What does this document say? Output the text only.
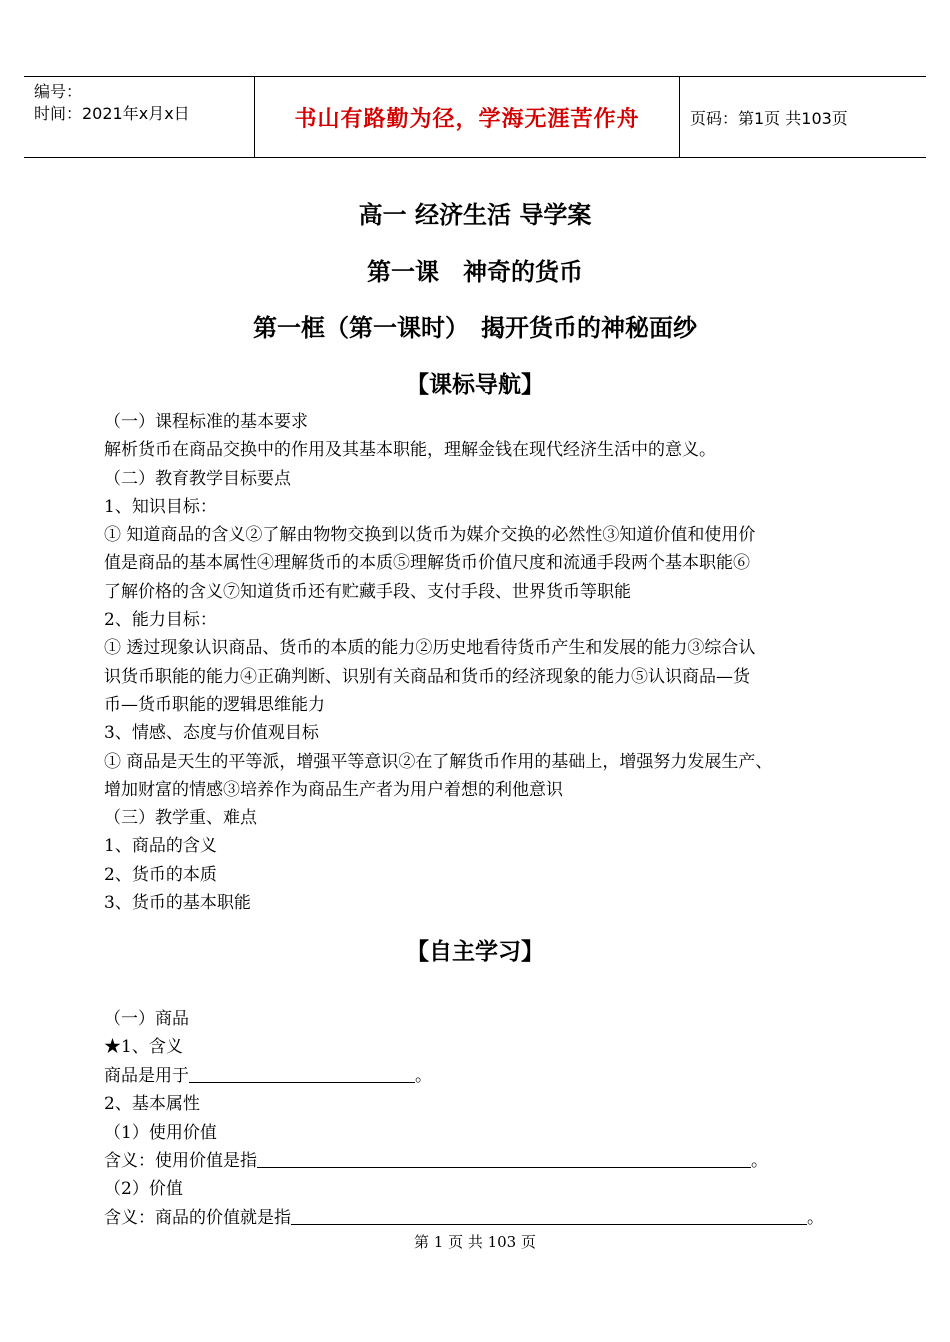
编号：
时间：2021年x月x日	书山有路勤为径，学海无涯苦作舟	页码：第1页 共103页
高一 经济生活 导学案
第一课　神奇的货币
第一框（第一课时）　揭开货币的神秘面纱
【课标导航】
（一）课程标准的基本要求
解析货币在商品交换中的作用及其基本职能，理解金钱在现代经济生活中的意义。
（二）教育教学目标要点
1、知识目标：
① 知道商品的含义②了解由物物交换到以货币为媒介交换的必然性③知道价值和使用价
值是商品的基本属性④理解货币的本质⑤理解货币价值尺度和流通手段两个基本职能⑥
了解价格的含义⑦知道货币还有贮藏手段、支付手段、世界货币等职能
2、能力目标：
① 透过现象认识商品、货币的本质的能力②历史地看待货币产生和发展的能力③综合认
识货币职能的能力④正确判断、识别有关商品和货币的经济现象的能力⑤认识商品—货
币—货币职能的逻辑思维能力
3、情感、态度与价值观目标
① 商品是天生的平等派，增强平等意识②在了解货币作用的基础上，增强努力发展生产、
增加财富的情感③培养作为商品生产者为用户着想的利他意识
（三）教学重、难点
1、商品的含义
2、货币的本质
3、货币的基本职能
【自主学习】
（一）商品
★1、含义
商品是用于	。
2、基本属性
（1）使用价值
含义：使用价值是指	。
（2）价值
含义：商品的价值就是指	。
第 1 页 共 103 页
